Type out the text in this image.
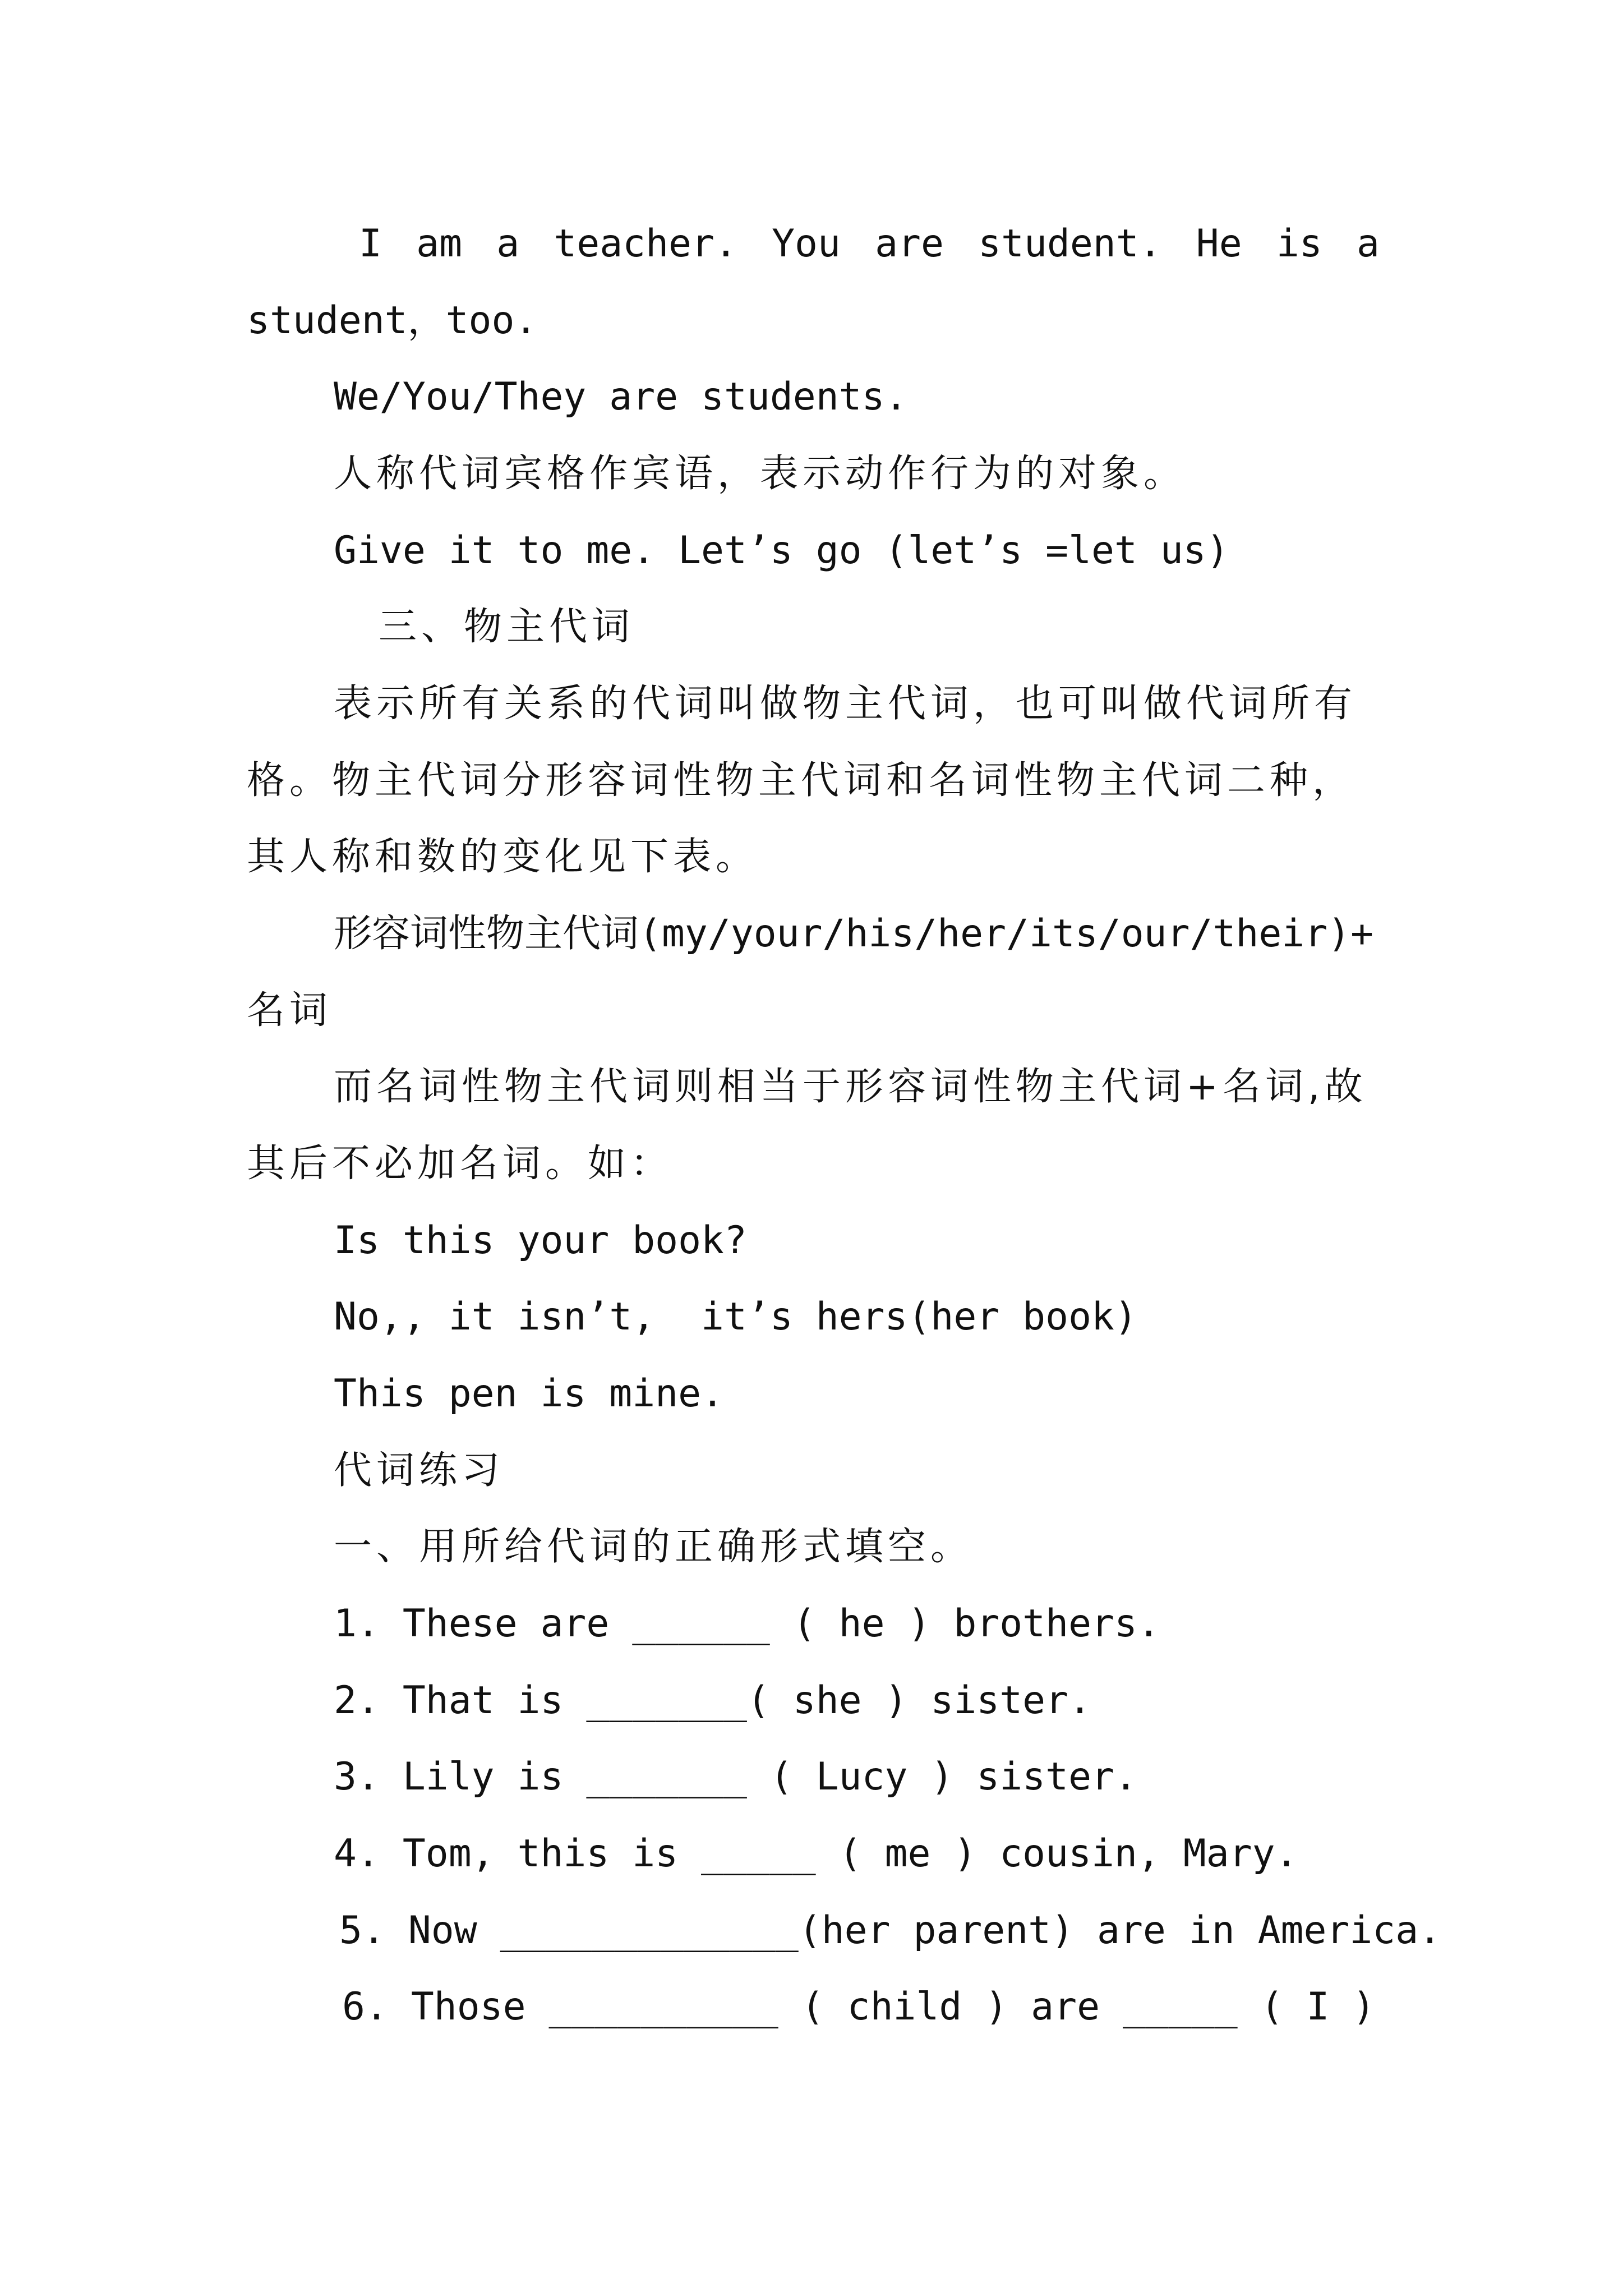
I am a teacher. You are student. He is a
student，too.
We/You/They are students.
人称代词宾格作宾语，表示动作行为的对象。
Give it to me. Let’s go (let’s =let us)
三、物主代词
表示所有关系的代词叫做物主代词，也可叫做代词所有
格。物主代词分形容词性物主代词和名词性物主代词二种，
其人称和数的变化见下表。
形容词性物主代词(my/your/his/her/its/our/their)+
名词
而名词性物主代词则相当于形容词性物主代词+名词,故
其后不必加名词。如：
Is this your book?
No,, it isn’t,  it’s hers(her book)
This pen is mine.
代词练习
一、用所给代词的正确形式填空。
1. These are ______ ( he ) brothers.
2. That is _______( she ) sister.
3. Lily is _______ ( Lucy ) sister.
4. Tom, this is _____ ( me ) cousin, Mary.
5. Now _____________(her parent) are in America.
6. Those __________ ( child ) are _____ ( I )
